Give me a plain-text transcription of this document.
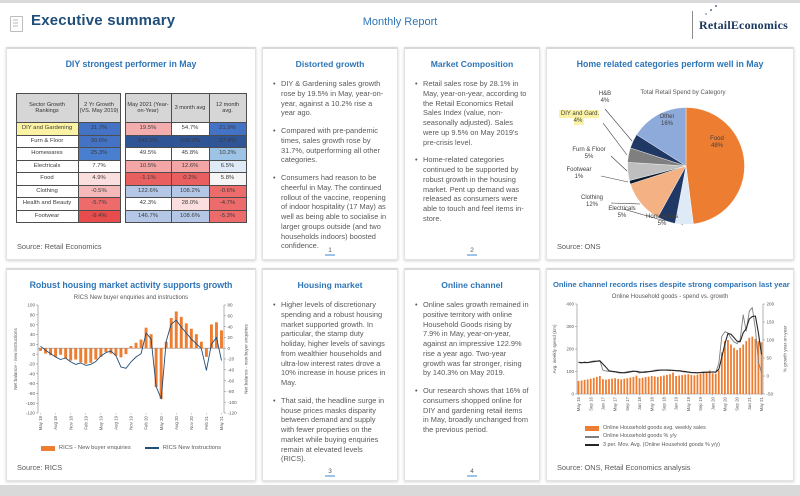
Executive summary	Monthly Report	RetailEconomics
DIY strongest performer in May
Sector Growth Rankings	2 Yr Growth (VS. May 2019)		May 2021 (Year-on-Year)	3 month avg	12 month avg.
DIY and Gardening	31.7%		19.5%	54.7%	21.9%
Furn & Floor	30.6%		249.9%	208.0%	27.4%
Homewares	25.3%		49.5%	45.8%	10.2%
Electricals	7.7%		10.5%	12.6%	6.5%
Food	4.9%		-1.1%	0.2%	5.8%
Clothing	-0.5%		122.6%	108.2%	-0.6%
Health and Beauty	-5.7%		42.3%	28.0%	-4.7%
Footwear	-9.4%		146.7%	108.6%	-5.3%
Source: Retail Economics
Distorted growth
• DIY & Gardening sales growth rose by 19.5% in May, year-on-year, against a 10.2% rise a year ago.
• Compared with pre-pandemic times, sales growth rose by 31.7%, outperforming all other categories.
• Consumers had reason to be cheerful in May. The continued rollout of the vaccine, reopening of indoor hospitality (17 May) as well as being able to socialise in larger groups outside (and two households indoors) boosted confidence.
1
Market Composition
• Retail sales rose by 28.1% in May, year-on-year, according to the Retail Economics Retail Sales Index (value, non-seasonally adjusted). Sales were up 9.5% on May 2019's pre-crisis level.
• Home-related categories continued to be supported by robust growth in the housing market. Pent up demand was released as consumers were able to touch and feel items in-store.
2
Home related categories perform well in May
Total Retail Spend by Category
H&B
4%
DIY and Gard.
4%
Furn & Floor
5%
Footwear
1%
Clothing
12%
Electricals
5%	Homewares
5%
Other
16%
Food
48%
Source: ONS
Robust housing market activity supports growth
RICS New buyer enquiries and instructions
100
80
60
40
20
0
-20
-40
-60
-80
-100
-120
80
60
40
20
0
-20
-40
-60
-80
-100
-120
May 18 Aug 18 Nov 18 Feb 19 May 19 Aug 19 Nov 19 Feb 20 May 20 Aug 20 Nov 20 Feb 21 May 21
Net balance - new instructions	Net balance - new buyer enquiries
RICS - New buyer enquiries	RICS New Instructions
Source: RICS
Housing market
• Higher levels of discretionary spending and a robust housing market supported growth. In particular, the stamp duty holiday, higher levels of savings from wealthier households and ultra-low interest rates drove a 10% increase in house prices in May.
• That said, the headline surge in house prices masks disparity between demand and supply with fewer properties on the market while buying enquiries remain at elevated levels (RICS).
3
Online channel
• Online sales growth remained in positive territory with online Household Goods rising by 7.9% in May, year-on-year, against an impressive 122.9% rise a year ago. Two-year growth was far stronger, rising by 140.3% on May 2019.
• Our research shows that 16% of consumers shopped online for DIY and gardening retail items in May, broadly unchanged from the previous period.
4
Online channel records rises despite strong comparison last year
Online Household goods - spend vs. growth
400
300
200
100
0
200
150
100
50
0
-50
May 16 Sep 16 Jan 17 May 17 Sep 17 Jan 18 May 18 Sep 18 Jan 19 May 19 Sep 19 Jan 20 May 20 Sep 20 Jan 21 May 21
Avg. weekly spend (£m)	% growth year-on-year
Online Household goods avg. weekly sales
Online Household goods % y/y
3 per. Mov. Avg. (Online Household goods % y/y)
Source: ONS, Retail Economics analysis
